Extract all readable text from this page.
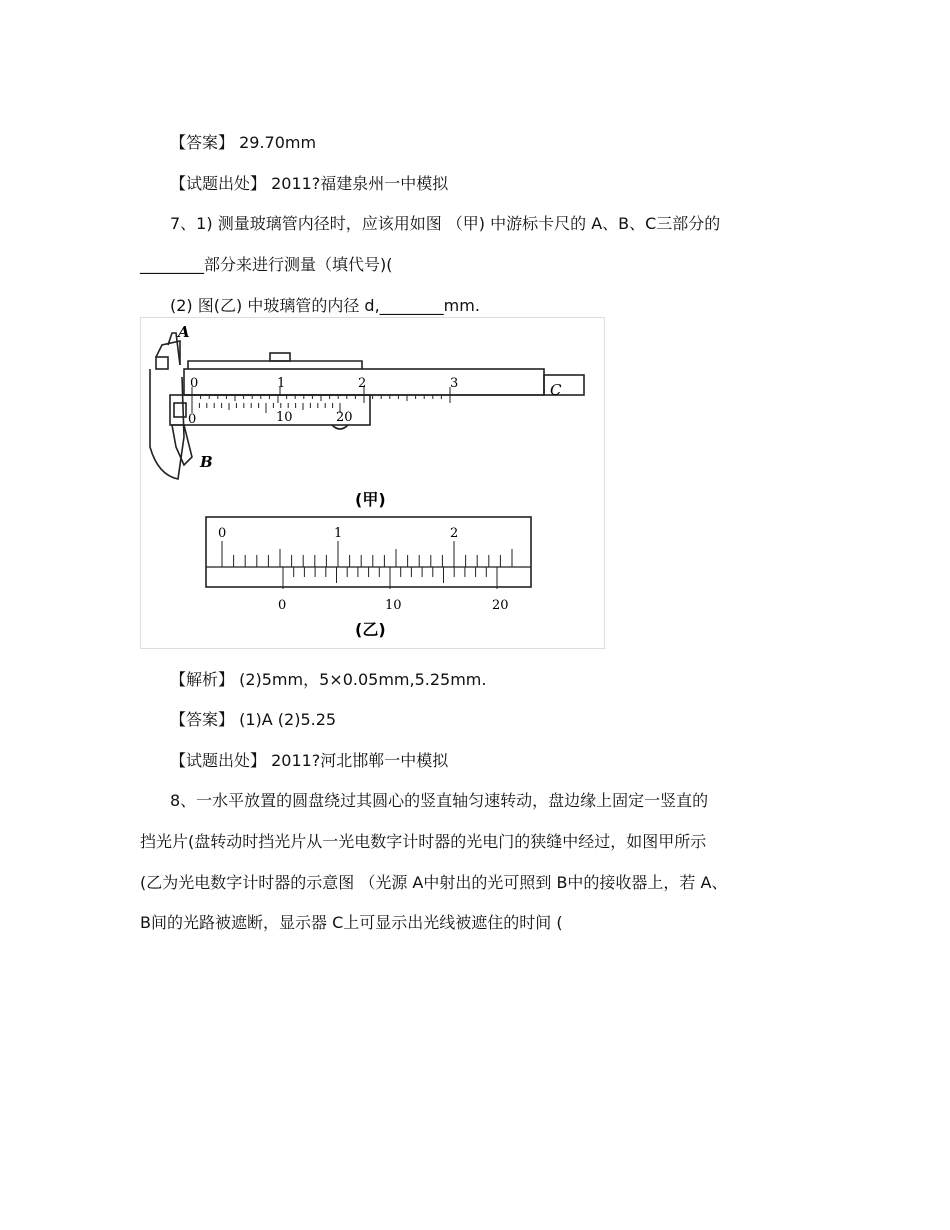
【答案】 29.70mm
【试题出处】 2011?福建泉州一中模拟
7、1) 测量玻璃管内径时，应该用如图 （甲) 中游标卡尺的 A、B、C三部分的
________部分来进行测量（填代号)(
(2) 图(乙) 中玻璃管的内径 d,________mm.
0	1	2	3
0	10	20
A
B
C
(甲)
0	1	2
0	10	20
(乙)
【解析】 (2)5mm，5×0.05mm,5.25mm.
【答案】 (1)A (2)5.25
【试题出处】 2011?河北邯郸一中模拟
8、一水平放置的圆盘绕过其圆心的竖直轴匀速转动，盘边缘上固定一竖直的
挡光片(盘转动时挡光片从一光电数字计时器的光电门的狭缝中经过，如图甲所示
(乙为光电数字计时器的示意图 （光源 A中射出的光可照到 B中的接收器上，若 A、
B间的光路被遮断，显示器 C上可显示出光线被遮住的时间 (
